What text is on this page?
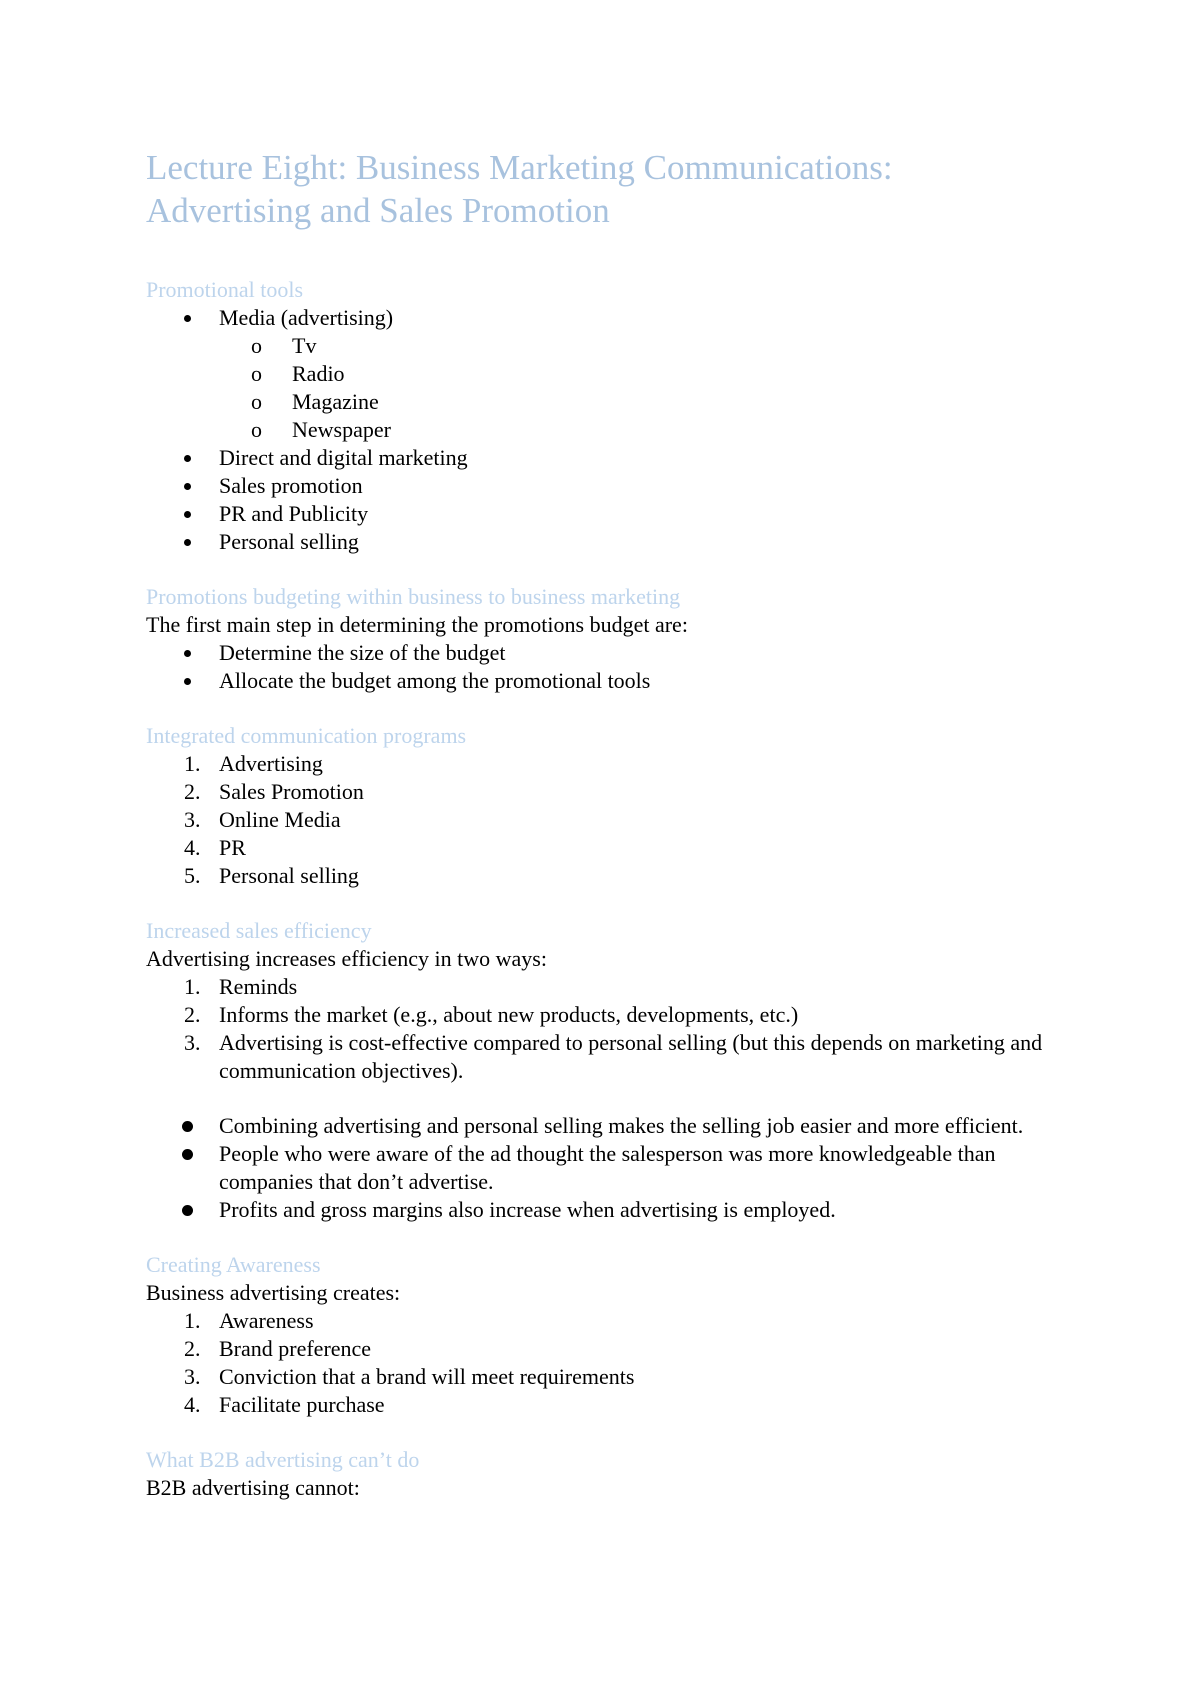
Lecture Eight: Business Marketing Communications:
Advertising and Sales Promotion
Promotional tools
Media (advertising)
o Tv
o Radio
o Magazine
o Newspaper
Direct and digital marketing
Sales promotion
PR and Publicity
Personal selling
Promotions budgeting within business to business marketing

The first main step in determining the promotions budget are:

Determine the size of the budget
Allocate the budget among the promotional tools
Integrated communication programs
1. Advertising
2. Sales Promotion
3. Online Media
4. PR
5. Personal selling
Increased sales efficiency

Advertising increases efficiency in two ways:

1. Reminds
2. Informs the market (e.g., about new products, developments, etc.)
3. Advertising is cost-effective compared to personal selling (but this depends on marketing and communication objectives).
Combining advertising and personal selling makes the selling job easier and more efficient.
People who were aware of the ad thought the salesperson was more knowledgeable than companies that don’t advertise.
Profits and gross margins also increase when advertising is employed.
Creating Awareness

Business advertising creates:

1. Awareness
2. Brand preference
3. Conviction that a brand will meet requirements
4. Facilitate purchase
What B2B advertising can’t do

B2B advertising cannot:
